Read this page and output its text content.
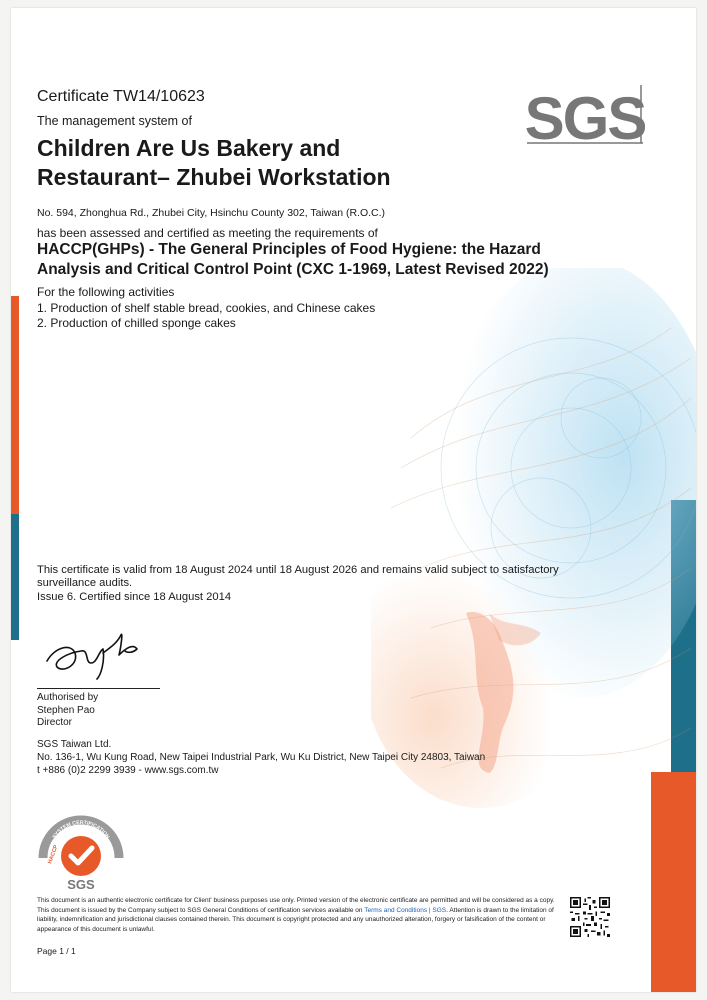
SGS
Certificate TW14/10623
The management system of
Children Are Us Bakery and
Restaurant– Zhubei Workstation
No. 594, Zhonghua Rd., Zhubei City, Hsinchu County 302, Taiwan (R.O.C.)
has been assessed and certified as meeting the requirements of
HACCP(GHPs) - The General Principles of Food Hygiene: the Hazard
Analysis and Critical Control Point (CXC 1-1969, Latest Revised 2022)
For the following activities
1. Production of shelf stable bread, cookies, and Chinese cakes
2. Production of chilled sponge cakes
This certificate is valid from 18 August 2024 until 18 August 2026 and remains valid subject to satisfactory surveillance audits.
Issue 6. Certified since 18 August 2014
Authorised by
Stephen Pao
Director
SGS Taiwan Ltd.
No. 136-1, Wu Kung Road, New Taipei Industrial Park, Wu Ku District, New Taipei City 24803, Taiwan
t +886 (0)2 2299 3939 - www.sgs.com.tw
SYSTEM CERTIFICATION
HACCP
SGS
This document is an authentic electronic certificate for Client' business purposes use only. Printed version of the electronic certificate are permitted and will be considered as a copy. This document is issued by the Company subject to SGS General Conditions of certification services available on Terms and Conditions | SGS. Attention is drawn to the limitation of liability, indemnification and jurisdictional clauses contained therein. This document is copyright protected and any unauthorized alteration, forgery or falsification of the content or appearance of this document is unlawful.
Page 1 / 1
